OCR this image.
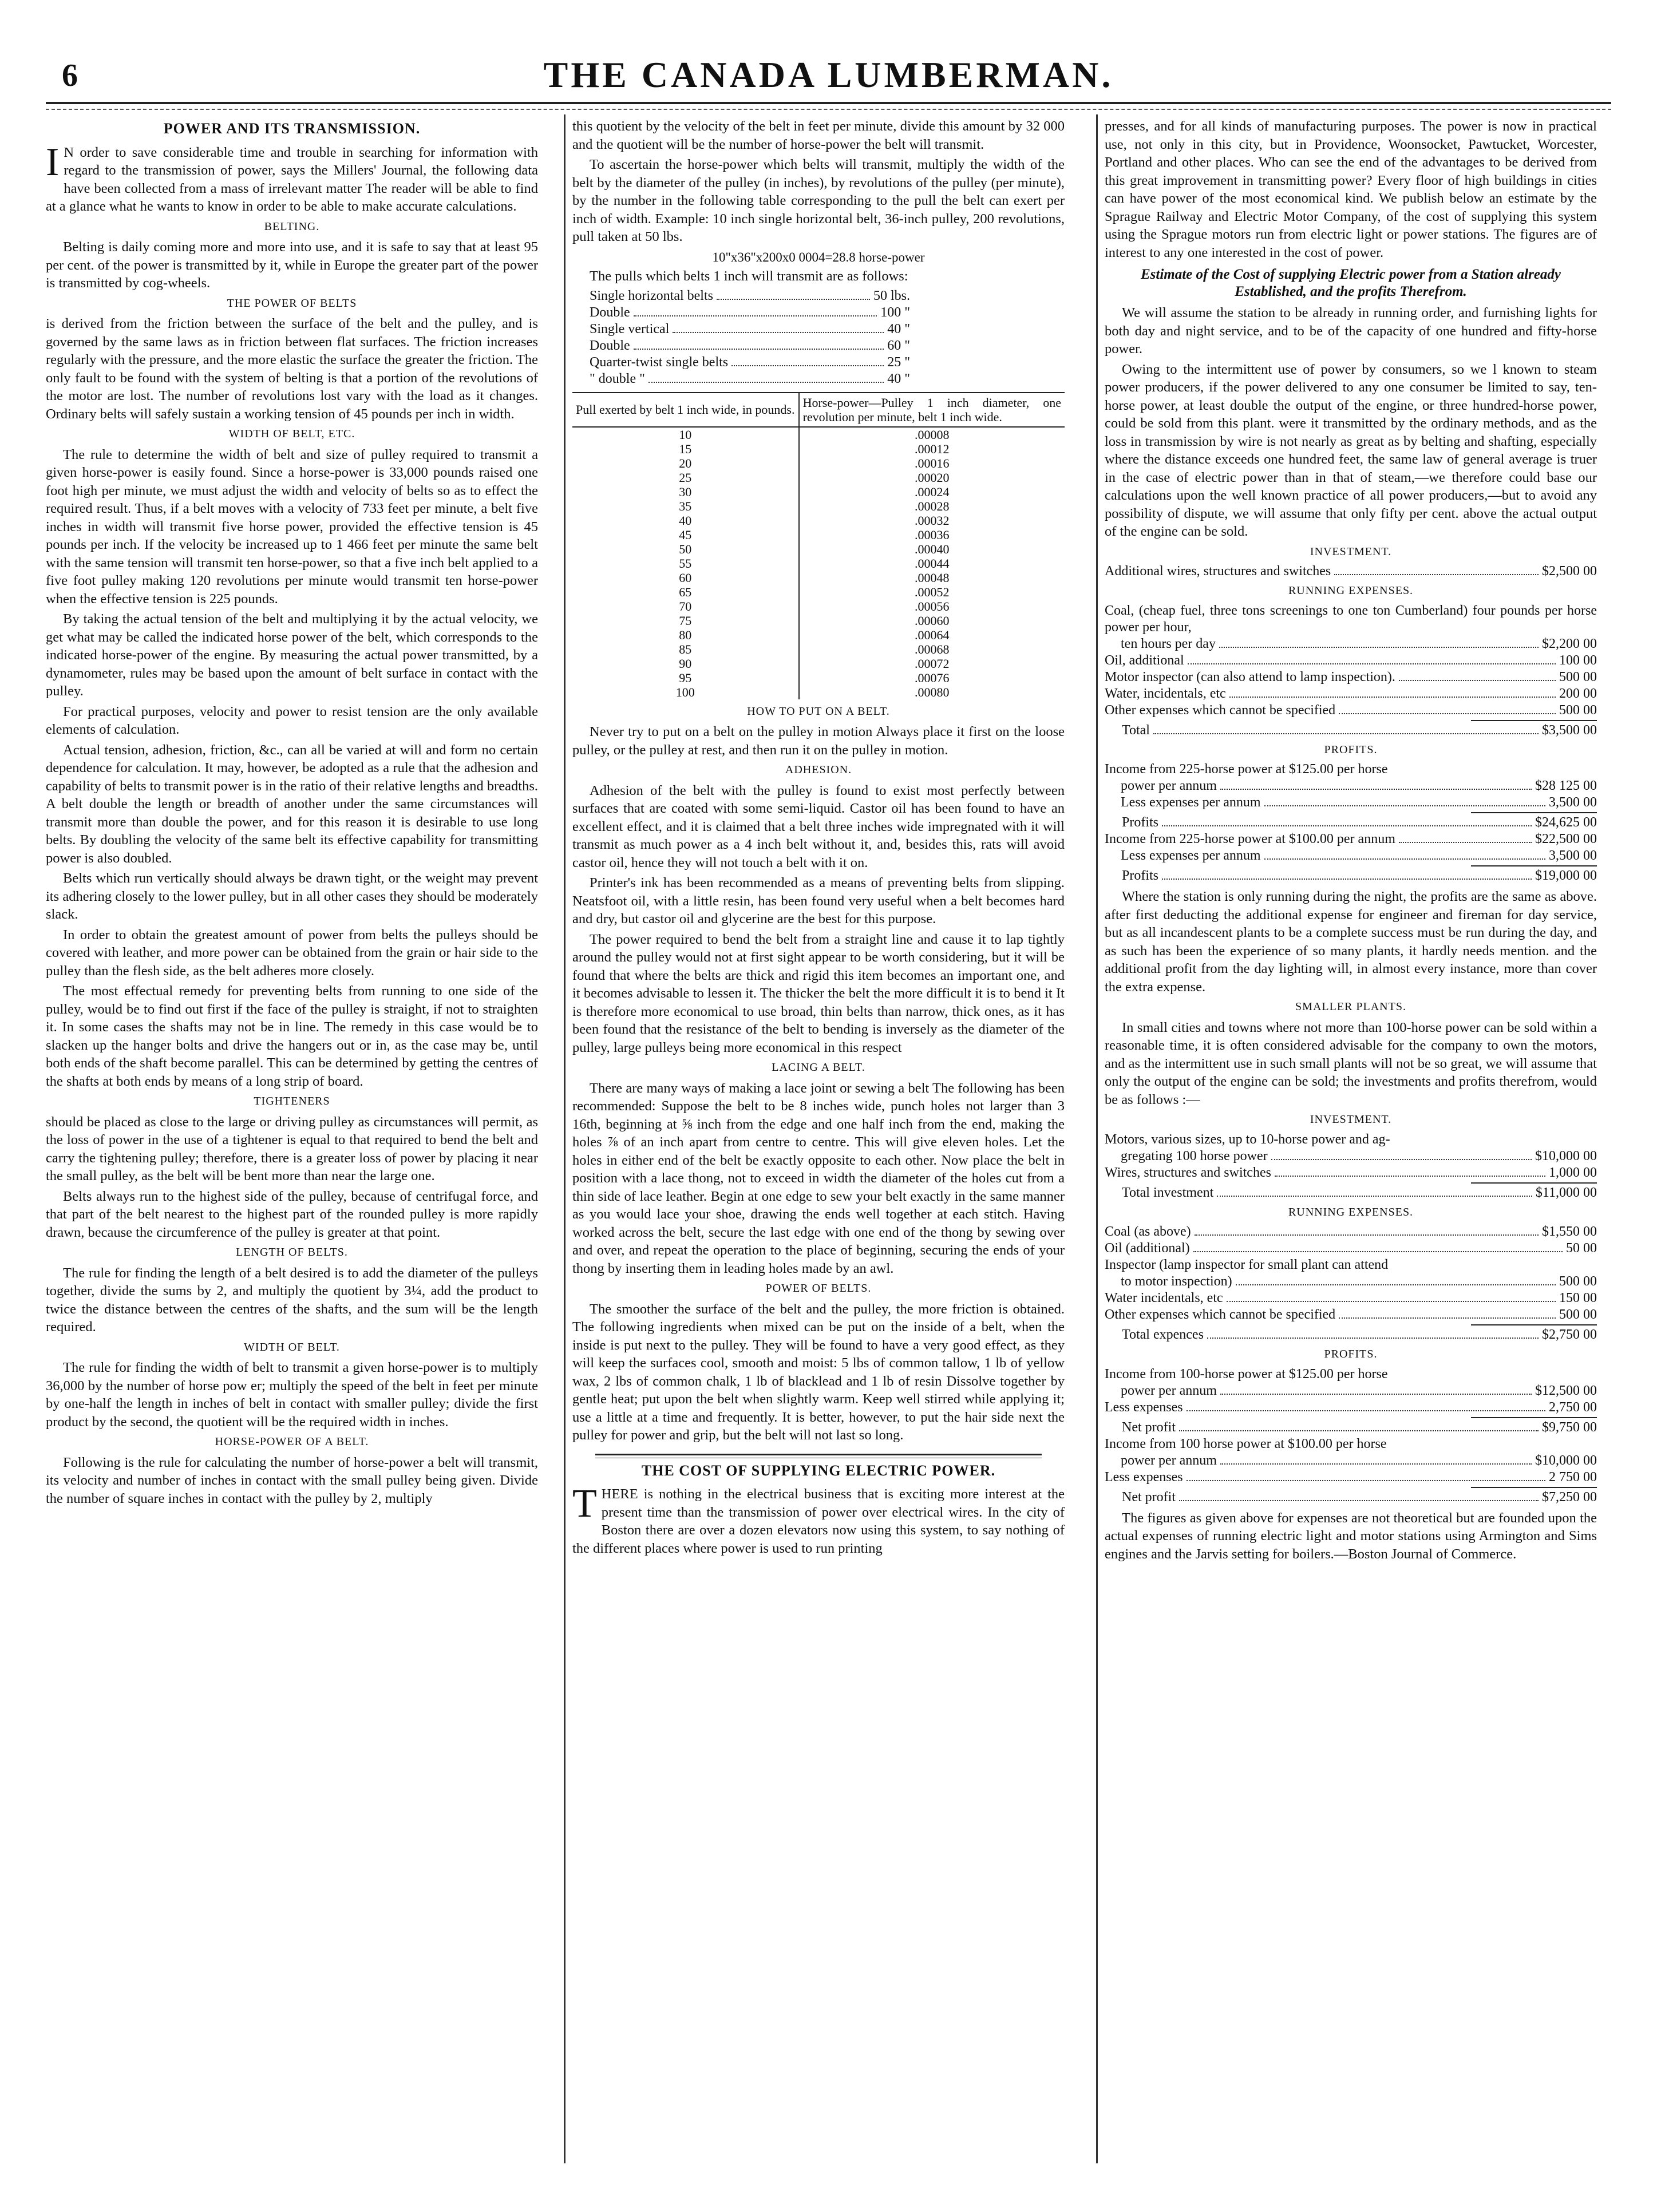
6	THE CANADA LUMBERMAN.
POWER AND ITS TRANSMISSION.

I N order to save considerable time and trouble in searching for information with regard to the transmission of power, says the Millers' Journal, the following data have been collected from a mass of irrelevant matter The reader will be able to find at a glance what he wants to know in order to be able to make accurate calculations.

BELTING.

Belting is daily coming more and more into use, and it is safe to say that at least 95 per cent. of the power is transmitted by it, while in Europe the greater part of the power is transmitted by cog-wheels.

THE POWER OF BELTS

is derived from the friction between the surface of the belt and the pulley, and is governed by the same laws as in friction between flat surfaces. The friction increases regularly with the pressure, and the more elastic the surface the greater the friction. The only fault to be found with the system of belting is that a portion of the revolutions of the motor are lost. The number of revolutions lost vary with the load as it changes. Ordinary belts will safely sustain a working tension of 45 pounds per inch in width.

WIDTH OF BELT, ETC.

The rule to determine the width of belt and size of pulley required to transmit a given horse-power is easily found. Since a horse-power is 33,000 pounds raised one foot high per minute, we must adjust the width and velocity of belts so as to effect the required result. Thus, if a belt moves with a velocity of 733 feet per minute, a belt five inches in width will transmit five horse power, provided the effective tension is 45 pounds per inch. If the velocity be increased up to 1 466 feet per minute the same belt with the same tension will transmit ten horse-power, so that a five inch belt applied to a five foot pulley making 120 revolutions per minute would transmit ten horse-power when the effective tension is 225 pounds.

By taking the actual tension of the belt and multiplying it by the actual velocity, we get what may be called the indicated horse power of the belt, which corresponds to the indicated horse-power of the engine. By measuring the actual power transmitted, by a dynamometer, rules may be based upon the amount of belt surface in contact with the pulley.

For practical purposes, velocity and power to resist tension are the only available elements of calculation.

Actual tension, adhesion, friction, &c., can all be varied at will and form no certain dependence for calculation. It may, however, be adopted as a rule that the adhesion and capability of belts to transmit power is in the ratio of their relative lengths and breadths. A belt double the length or breadth of another under the same circumstances will transmit more than double the power, and for this reason it is desirable to use long belts. By doubling the velocity of the same belt its effective capability for transmitting power is also doubled.

Belts which run vertically should always be drawn tight, or the weight may prevent its adhering closely to the lower pulley, but in all other cases they should be moderately slack.

In order to obtain the greatest amount of power from belts the pulleys should be covered with leather, and more power can be obtained from the grain or hair side to the pulley than the flesh side, as the belt adheres more closely.

The most effectual remedy for preventing belts from running to one side of the pulley, would be to find out first if the face of the pulley is straight, if not to straighten it. In some cases the shafts may not be in line. The remedy in this case would be to slacken up the hanger bolts and drive the hangers out or in, as the case may be, until both ends of the shaft become parallel. This can be determined by getting the centres of the shafts at both ends by means of a long strip of board.

TIGHTENERS

should be placed as close to the large or driving pulley as circumstances will permit, as the loss of power in the use of a tightener is equal to that required to bend the belt and carry the tightening pulley; therefore, there is a greater loss of power by placing it near the small pulley, as the belt will be bent more than near the large one.

Belts always run to the highest side of the pulley, because of centrifugal force, and that part of the belt nearest to the highest part of the rounded pulley is more rapidly drawn, because the circumference of the pulley is greater at that point.

LENGTH OF BELTS.

The rule for finding the length of a belt desired is to add the diameter of the pulleys together, divide the sums by 2, and multiply the quotient by 3¼, add the product to twice the distance between the centres of the shafts, and the sum will be the length required.

WIDTH OF BELT.

The rule for finding the width of belt to transmit a given horse-power is to multiply 36,000 by the number of horse pow er; multiply the speed of the belt in feet per minute by one-half the length in inches of belt in contact with smaller pulley; divide the first product by the second, the quotient will be the required width in inches.

HORSE-POWER OF A BELT.

Following is the rule for calculating the number of horse-power a belt will transmit, its velocity and number of inches in contact with the small pulley being given. Divide the number of square inches in contact with the pulley by 2, multiply

this quotient by the velocity of the belt in feet per minute, divide this amount by 32 000 and the quotient will be the number of horse-power the belt will transmit.

To ascertain the horse-power which belts will transmit, multiply the width of the belt by the diameter of the pulley (in inches), by revolutions of the pulley (per minute), by the number in the following table corresponding to the pull the belt can exert per inch of width. Example: 10 inch single horizontal belt, 36-inch pulley, 200 revolutions, pull taken at 50 lbs.

10"x36"x200x0 0004=28.8 horse-power

The pulls which belts 1 inch will transmit are as follows:

Single horizontal belts	50 lbs.
Double	100 "
Single vertical	40 "
Double	60 "
Quarter-twist single belts	25 "
" double "	40 "
Pull exerted by belt 1 inch wide, in pounds.	Horse-power—Pulley 1 inch diameter, one revolution per minute, belt 1 inch wide.
10	.00008
15	.00012
20	.00016
25	.00020
30	.00024
35	.00028
40	.00032
45	.00036
50	.00040
55	.00044
60	.00048
65	.00052
70	.00056
75	.00060
80	.00064
85	.00068
90	.00072
95	.00076
100	.00080
HOW TO PUT ON A BELT.

Never try to put on a belt on the pulley in motion Always place it first on the loose pulley, or the pulley at rest, and then run it on the pulley in motion.

ADHESION.

Adhesion of the belt with the pulley is found to exist most perfectly between surfaces that are coated with some semi-liquid. Castor oil has been found to have an excellent effect, and it is claimed that a belt three inches wide impregnated with it will transmit as much power as a 4 inch belt without it, and, besides this, rats will avoid castor oil, hence they will not touch a belt with it on.

Printer's ink has been recommended as a means of preventing belts from slipping. Neatsfoot oil, with a little resin, has been found very useful when a belt becomes hard and dry, but castor oil and glycerine are the best for this purpose.

The power required to bend the belt from a straight line and cause it to lap tightly around the pulley would not at first sight appear to be worth considering, but it will be found that where the belts are thick and rigid this item becomes an important one, and it becomes advisable to lessen it. The thicker the belt the more difficult it is to bend it It is therefore more economical to use broad, thin belts than narrow, thick ones, as it has been found that the resistance of the belt to bending is inversely as the diameter of the pulley, large pulleys being more economical in this respect

LACING A BELT.

There are many ways of making a lace joint or sewing a belt The following has been recommended: Suppose the belt to be 8 inches wide, punch holes not larger than 3 16th, beginning at ⅝ inch from the edge and one half inch from the end, making the holes ⅞ of an inch apart from centre to centre. This will give eleven holes. Let the holes in either end of the belt be exactly opposite to each other. Now place the belt in position with a lace thong, not to exceed in width the diameter of the holes cut from a thin side of lace leather. Begin at one edge to sew your belt exactly in the same manner as you would lace your shoe, drawing the ends well together at each stitch. Having worked across the belt, secure the last edge with one end of the thong by sewing over and over, and repeat the operation to the place of beginning, securing the ends of your thong by inserting them in leading holes made by an awl.

POWER OF BELTS.

The smoother the surface of the belt and the pulley, the more friction is obtained. The following ingredients when mixed can be put on the inside of a belt, when the inside is put next to the pulley. They will be found to have a very good effect, as they will keep the surfaces cool, smooth and moist: 5 lbs of common tallow, 1 lb of yellow wax, 2 lbs of common chalk, 1 lb of blacklead and 1 lb of resin Dissolve together by gentle heat; put upon the belt when slightly warm. Keep well stirred while applying it; use a little at a time and frequently. It is better, however, to put the hair side next the pulley for power and grip, but the belt will not last so long.

THE COST OF SUPPLYING ELECTRIC POWER.

THERE is nothing in the electrical business that is exciting more interest at the present time than the transmission of power over electrical wires. In the city of Boston there are over a dozen elevators now using this system, to say nothing of the different places where power is used to run printing

presses, and for all kinds of manufacturing purposes. The power is now in practical use, not only in this city, but in Providence, Woonsocket, Pawtucket, Worcester, Portland and other places. Who can see the end of the advantages to be derived from this great improvement in transmitting power? Every floor of high buildings in cities can have power of the most economical kind. We publish below an estimate by the Sprague Railway and Electric Motor Company, of the cost of supplying this system using the Sprague motors run from electric light or power stations. The figures are of interest to any one interested in the cost of power.

Estimate of the Cost of supplying Electric power from a Station already Established, and the profits Therefrom.

We will assume the station to be already in running order, and furnishing lights for both day and night service, and to be of the capacity of one hundred and fifty-horse power.

Owing to the intermittent use of power by consumers, so we l known to steam power producers, if the power delivered to any one consumer be limited to say, ten-horse power, at least double the output of the engine, or three hundred-horse power, could be sold from this plant. were it transmitted by the ordinary methods, and as the loss in transmission by wire is not nearly as great as by belting and shafting, especially where the distance exceeds one hundred feet, the same law of general average is truer in the case of electric power than in that of steam,—we therefore could base our calculations upon the well known practice of all power producers,—but to avoid any possibility of dispute, we will assume that only fifty per cent. above the actual output of the engine can be sold.

INVESTMENT.
Additional wires, structures and switches	$2,500 00
RUNNING EXPENSES.
Coal, (cheap fuel, three tons screenings to one ton Cumberland) four pounds per horse power per hour,
ten hours per day	$2,200 00
Oil, additional	100 00
Motor inspector (can also attend to lamp inspection).	500 00
Water, incidentals, etc	200 00
Other expenses which cannot be specified	500 00
Total	$3,500 00
PROFITS.
Income from 225-horse power at $125.00 per horse
power per annum	$28 125 00
Less expenses per annum	3,500 00
Profits	$24,625 00
Income from 225-horse power at $100.00 per annum	$22,500 00
Less expenses per annum	3,500 00
Profits	$19,000 00

Where the station is only running during the night, the profits are the same as above. after first deducting the additional expense for engineer and fireman for day service, but as all incandescent plants to be a complete success must be run during the day, and as such has been the experience of so many plants, it hardly needs mention. and the additional profit from the day lighting will, in almost every instance, more than cover the extra expense.

SMALLER PLANTS.

In small cities and towns where not more than 100-horse power can be sold within a reasonable time, it is often considered advisable for the company to own the motors, and as the intermittent use in such small plants will not be so great, we will assume that only the output of the engine can be sold; the investments and profits therefrom, would be as follows :—

INVESTMENT.
Motors, various sizes, up to 10-horse power and ag-
gregating 100 horse power	$10,000 00
Wires, structures and switches	1,000 00
Total investment	$11,000 00
RUNNING EXPENSES.
Coal (as above)	$1,550 00
Oil (additional)	50 00
Inspector (lamp inspector for small plant can attend
to motor inspection)	500 00
Water incidentals, etc	150 00
Other expenses which cannot be specified	500 00
Total expences	$2,750 00
PROFITS.
Income from 100-horse power at $125.00 per horse
power per annum	$12,500 00
Less expenses	2,750 00
Net profit	$9,750 00
Income from 100 horse power at $100.00 per horse
power per annum	$10,000 00
Less expenses	2 750 00
Net profit	$7,250 00

The figures as given above for expenses are not theoretical but are founded upon the actual expenses of running electric light and motor stations using Armington and Sims engines and the Jarvis setting for boilers.—Boston Journal of Commerce.
